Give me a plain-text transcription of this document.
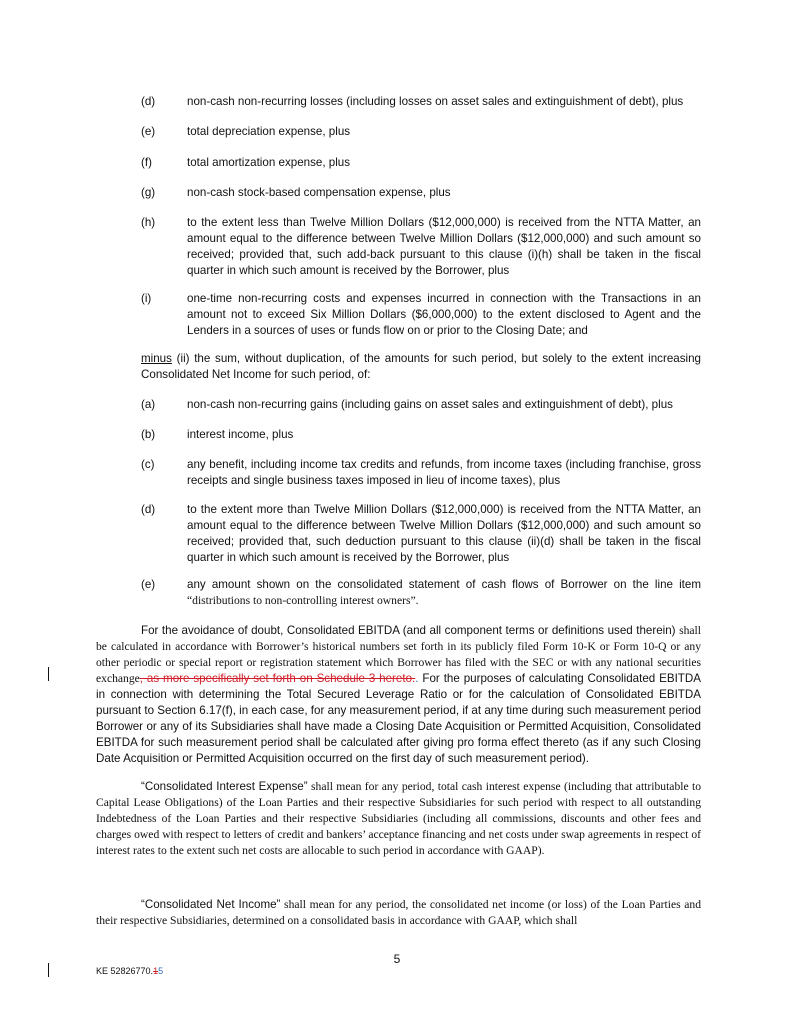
(d)	non-cash non-recurring losses (including losses on asset sales and extinguishment of debt), plus
(e)	total depreciation expense, plus
(f)	total amortization expense, plus
(g)	non-cash stock-based compensation expense, plus
(h)	to the extent less than Twelve Million Dollars ($12,000,000) is received from the NTTA Matter, an amount equal to the difference between Twelve Million Dollars ($12,000,000) and such amount so received; provided that, such add-back pursuant to this clause (i)(h) shall be taken in the fiscal quarter in which such amount is received by the Borrower, plus
(i)	one-time non-recurring costs and expenses incurred in connection with the Transactions in an amount not to exceed Six Million Dollars ($6,000,000) to the extent disclosed to Agent and the Lenders in a sources of uses or funds flow on or prior to the Closing Date; and
minus (ii) the sum, without duplication, of the amounts for such period, but solely to the extent increasing Consolidated Net Income for such period, of:
(a)	non-cash non-recurring gains (including gains on asset sales and extinguishment of debt), plus
(b)	interest income, plus
(c)	any benefit, including income tax credits and refunds, from income taxes (including franchise, gross receipts and single business taxes imposed in lieu of income taxes), plus
(d)	to the extent more than Twelve Million Dollars ($12,000,000) is received from the NTTA Matter, an amount equal to the difference between Twelve Million Dollars ($12,000,000) and such amount so received; provided that, such deduction pursuant to this clause (ii)(d) shall be taken in the fiscal quarter in which such amount is received by the Borrower, plus
(e)	any amount shown on the consolidated statement of cash flows of Borrower on the line item “distributions to non-controlling interest owners”.
For the avoidance of doubt, Consolidated EBITDA (and all component terms or definitions used therein) shall be calculated in accordance with Borrower’s historical numbers set forth in its publicly filed Form 10-K or Form 10-Q or any other periodic or special report or registration statement which Borrower has filed with the SEC or with any national securities exchange, as more specifically set forth on Schedule 3 hereto.. For the purposes of calculating Consolidated EBITDA in connection with determining the Total Secured Leverage Ratio or for the calculation of Consolidated EBITDA pursuant to Section 6.17(f), in each case, for any measurement period, if at any time during such measurement period Borrower or any of its Subsidiaries shall have made a Closing Date Acquisition or Permitted Acquisition, Consolidated EBITDA for such measurement period shall be calculated after giving pro forma effect thereto (as if any such Closing Date Acquisition or Permitted Acquisition occurred on the first day of such measurement period).
“Consolidated Interest Expense” shall mean for any period, total cash interest expense (including that attributable to Capital Lease Obligations) of the Loan Parties and their respective Subsidiaries for such period with respect to all outstanding Indebtedness of the Loan Parties and their respective Subsidiaries (including all commissions, discounts and other fees and charges owed with respect to letters of credit and bankers’ acceptance financing and net costs under swap agreements in respect of interest rates to the extent such net costs are allocable to such period in accordance with GAAP).
“Consolidated Net Income” shall mean for any period, the consolidated net income (or loss) of the Loan Parties and their respective Subsidiaries, determined on a consolidated basis in accordance with GAAP, which shall
5
KE 52826770.15
